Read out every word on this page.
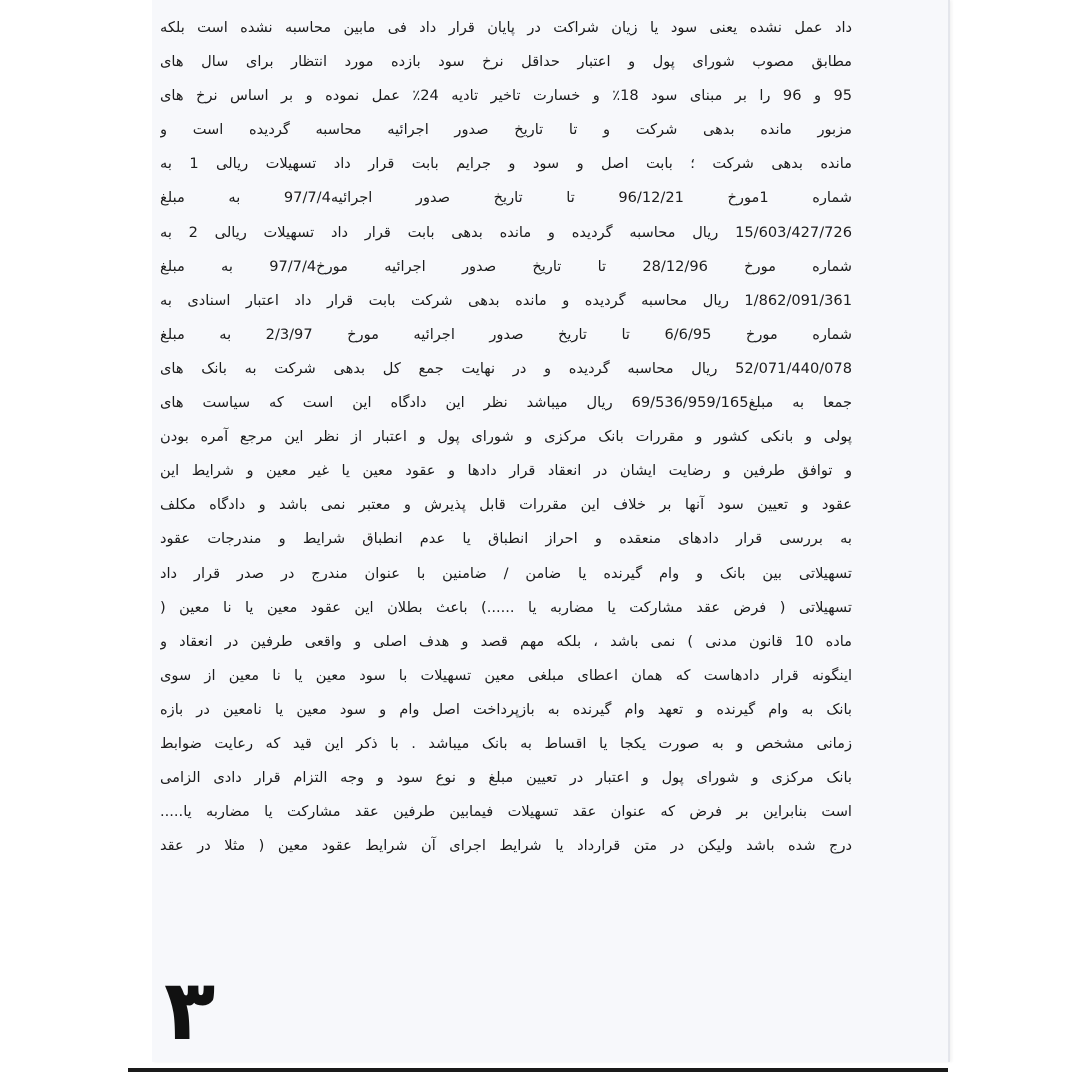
داد عمل نشده یعنی سود یا زیان شراکت در پایان قرار داد فی مابین محاسبه نشده است بلکه
مطابق مصوب شورای پول و اعتبار حداقل نرخ سود بازده مورد انتظار برای سال های
95 و 96 را بر مبنای سود 18٪ و خسارت تاخیر تادیه 24٪ عمل نموده و بر اساس نرخ های
مزبور مانده بدهی شرکت و تا تاریخ صدور اجرائیه محاسبه گردیده است و
مانده بدهی شرکت ؛ بابت اصل و سود و جرایم بابت قرار داد تسهیلات ریالی 1 به
شماره 1مورخ 96/12/21 تا تاریخ صدور اجرائیه97/7/4 به مبلغ
15/603/427/726 ریال محاسبه گردیده و مانده بدهی بابت قرار داد تسهیلات ریالی 2 به
شماره مورخ 28/12/96 تا تاریخ صدور اجرائیه مورخ97/7/4 به مبلغ
1/862/091/361 ریال محاسبه گردیده و مانده بدهی شرکت بابت قرار داد اعتبار اسنادی به
شماره مورخ 6/6/95 تا تاریخ صدور اجرائیه مورخ 2/3/97 به مبلغ
52/071/440/078 ریال محاسبه گردیده و در نهایت جمع کل بدهی شرکت به بانک های
جمعا به مبلغ69/536/959/165 ریال میباشد نظر این دادگاه این است که سیاست های
پولی و بانکی کشور و مقررات بانک مرکزی و شورای پول و اعتبار از نظر این مرجع آمره بودن
و توافق طرفین و رضایت ایشان در انعقاد قرار دادها و عقود معین یا غیر معین و شرایط این
عقود و تعیین سود آنها بر خلاف این مقررات قابل پذیرش و معتبر نمی باشد و دادگاه مکلف
به بررسی قرار دادهای منعقده و احراز انطباق یا عدم انطباق شرایط و مندرجات عقود
تسهیلاتی بین بانک و وام گیرنده یا ضامن / ضامنین با عنوان مندرج در صدر قرار داد
تسهیلاتی ( فرض عقد مشارکت یا مضاربه یا ......) باعث بطلان این عقود معین یا نا معین (
ماده 10 قانون مدنی ) نمی باشد ، بلکه مهم قصد و هدف اصلی و واقعی طرفین در انعقاد و
اینگونه قرار دادهاست که همان اعطای مبلغی معین تسهیلات با سود معین یا نا معین از سوی
بانک به وام گیرنده و تعهد وام گیرنده به بازپرداخت اصل وام و سود معین یا نامعین در بازه
زمانی مشخص و به صورت یکجا یا اقساط به بانک میباشد . با ذکر این قید که رعایت ضوابط
بانک مرکزی و شورای پول و اعتبار در تعیین مبلغ و نوع سود و وجه التزام قرار دادی الزامی
است بنابراین بر فرض که عنوان عقد تسهیلات فیمابین طرفین عقد مشارکت یا مضاربه یا.....
درج شده باشد ولیکن در متن قرارداد یا شرایط اجرای آن شرایط عقود معین ( مثلا در عقد
۳
